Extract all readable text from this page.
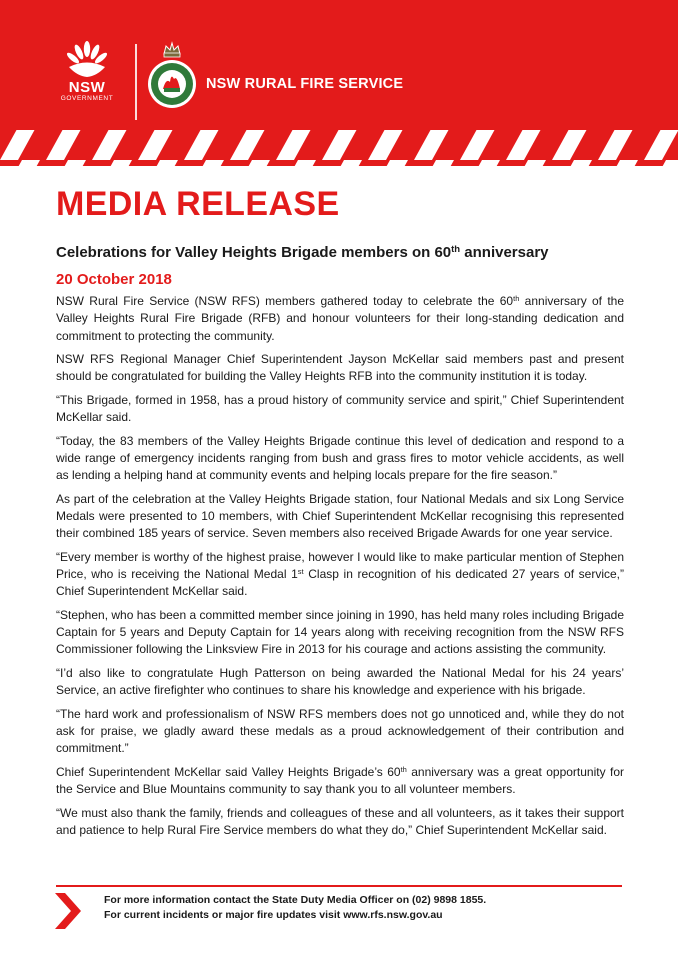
NSW
GOVERNMENT
NSW RURAL FIRE SERVICE
MEDIA RELEASE
Celebrations for Valley Heights Brigade members on 60th anniversary
20 October 2018

NSW Rural Fire Service (NSW RFS) members gathered today to celebrate the 60th anniversary of the Valley Heights Rural Fire Brigade (RFB) and honour volunteers for their long-standing dedication and commitment to protecting the community.

NSW RFS Regional Manager Chief Superintendent Jayson McKellar said members past and present should be congratulated for building the Valley Heights RFB into the community institution it is today.

“This Brigade, formed in 1958, has a proud history of community service and spirit,” Chief Superintendent McKellar said.

“Today, the 83 members of the Valley Heights Brigade continue this level of dedication and respond to a wide range of emergency incidents ranging from bush and grass fires to motor vehicle accidents, as well as lending a helping hand at community events and helping locals prepare for the fire season.”

As part of the celebration at the Valley Heights Brigade station, four National Medals and six Long Service Medals were presented to 10 members, with Chief Superintendent McKellar recognising this represented their combined 185 years of service. Seven members also received Brigade Awards for one year service.

“Every member is worthy of the highest praise, however I would like to make particular mention of Stephen Price, who is receiving the National Medal 1st Clasp in recognition of his dedicated 27 years of service,” Chief Superintendent McKellar said.

“Stephen, who has been a committed member since joining in 1990, has held many roles including Brigade Captain for 5 years and Deputy Captain for 14 years along with receiving recognition from the NSW RFS Commissioner following the Linksview Fire in 2013 for his courage and actions assisting the community.

“I’d also like to congratulate Hugh Patterson on being awarded the National Medal for his 24 years’ Service, an active firefighter who continues to share his knowledge and experience with his brigade.

“The hard work and professionalism of NSW RFS members does not go unnoticed and, while they do not ask for praise, we gladly award these medals as a proud acknowledgement of their contribution and commitment.”

Chief Superintendent McKellar said Valley Heights Brigade’s 60th anniversary was a great opportunity for the Service and Blue Mountains community to say thank you to all volunteer members.

“We must also thank the family, friends and colleagues of these and all volunteers, as it takes their support and patience to help Rural Fire Service members do what they do,” Chief Superintendent McKellar said.

For more information contact the State Duty Media Officer on (02) 9898 1855.
For current incidents or major fire updates visit www.rfs.nsw.gov.au
